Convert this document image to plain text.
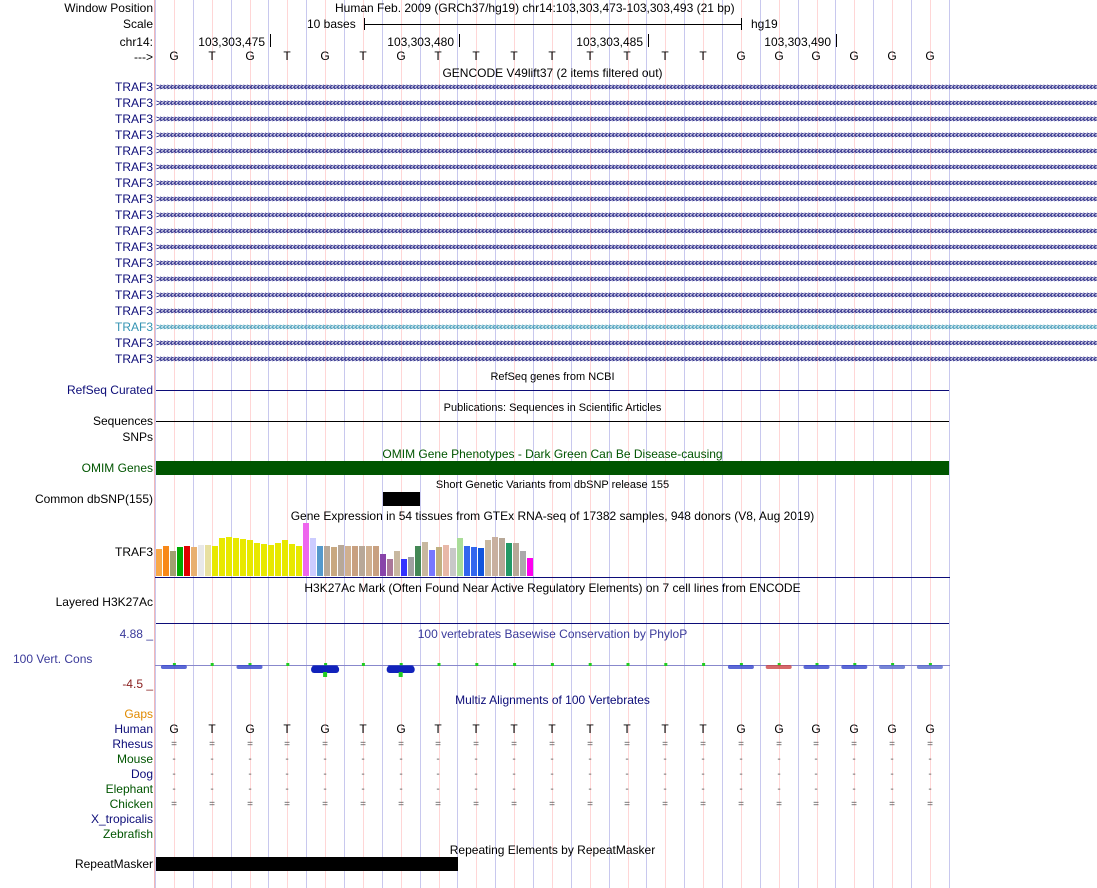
Window Position	Human Feb. 2009 (GRCh37/hg19) chr14:103,303,473-103,303,493 (21 bp)
Scale	10 bases	hg19
chr14:	103,303,475	103,303,480	103,303,485	103,303,490
--->	G	T	G	T	G	T	G	T	T	T	T	T	T	T	T	G	G	G	G	G	G
GENCODE V49lift37 (2 items filtered out)
TRAF3 >>>>>>>>>>>>>>>>>>>>>>>>>>>>>>>>>>>>>>>>>>>>>>>>>>>>>>>>>>>>>>>>>>>>>>>>>>>>>>>>>>>>>>>>>>>>>>>>>>>>>>>>>>>>>>>>>>>>>>>>>>>>>>>>>>>>>>>>>>>>>>>>>>>>>>>>>>>>>>>>>>>>>>>>>>>>>>>>>>>>>>>>>>>>>>>>>>>>>>>>>>>>>>>>>>>>>>>>>>>>>>>>>>>>>>>>>>>>>>>>>>>>>>>>>>>>>>>>>>>>
TRAF3 >>>>>>>>>>>>>>>>>>>>>>>>>>>>>>>>>>>>>>>>>>>>>>>>>>>>>>>>>>>>>>>>>>>>>>>>>>>>>>>>>>>>>>>>>>>>>>>>>>>>>>>>>>>>>>>>>>>>>>>>>>>>>>>>>>>>>>>>>>>>>>>>>>>>>>>>>>>>>>>>>>>>>>>>>>>>>>>>>>>>>>>>>>>>>>>>>>>>>>>>>>>>>>>>>>>>>>>>>>>>>>>>>>>>>>>>>>>>>>>>>>>>>>>>>>>>>>>>>>>>
TRAF3 >>>>>>>>>>>>>>>>>>>>>>>>>>>>>>>>>>>>>>>>>>>>>>>>>>>>>>>>>>>>>>>>>>>>>>>>>>>>>>>>>>>>>>>>>>>>>>>>>>>>>>>>>>>>>>>>>>>>>>>>>>>>>>>>>>>>>>>>>>>>>>>>>>>>>>>>>>>>>>>>>>>>>>>>>>>>>>>>>>>>>>>>>>>>>>>>>>>>>>>>>>>>>>>>>>>>>>>>>>>>>>>>>>>>>>>>>>>>>>>>>>>>>>>>>>>>>>>>>>>>
TRAF3 >>>>>>>>>>>>>>>>>>>>>>>>>>>>>>>>>>>>>>>>>>>>>>>>>>>>>>>>>>>>>>>>>>>>>>>>>>>>>>>>>>>>>>>>>>>>>>>>>>>>>>>>>>>>>>>>>>>>>>>>>>>>>>>>>>>>>>>>>>>>>>>>>>>>>>>>>>>>>>>>>>>>>>>>>>>>>>>>>>>>>>>>>>>>>>>>>>>>>>>>>>>>>>>>>>>>>>>>>>>>>>>>>>>>>>>>>>>>>>>>>>>>>>>>>>>>>>>>>>>>
TRAF3 >>>>>>>>>>>>>>>>>>>>>>>>>>>>>>>>>>>>>>>>>>>>>>>>>>>>>>>>>>>>>>>>>>>>>>>>>>>>>>>>>>>>>>>>>>>>>>>>>>>>>>>>>>>>>>>>>>>>>>>>>>>>>>>>>>>>>>>>>>>>>>>>>>>>>>>>>>>>>>>>>>>>>>>>>>>>>>>>>>>>>>>>>>>>>>>>>>>>>>>>>>>>>>>>>>>>>>>>>>>>>>>>>>>>>>>>>>>>>>>>>>>>>>>>>>>>>>>>>>>>
TRAF3 >>>>>>>>>>>>>>>>>>>>>>>>>>>>>>>>>>>>>>>>>>>>>>>>>>>>>>>>>>>>>>>>>>>>>>>>>>>>>>>>>>>>>>>>>>>>>>>>>>>>>>>>>>>>>>>>>>>>>>>>>>>>>>>>>>>>>>>>>>>>>>>>>>>>>>>>>>>>>>>>>>>>>>>>>>>>>>>>>>>>>>>>>>>>>>>>>>>>>>>>>>>>>>>>>>>>>>>>>>>>>>>>>>>>>>>>>>>>>>>>>>>>>>>>>>>>>>>>>>>>
TRAF3 >>>>>>>>>>>>>>>>>>>>>>>>>>>>>>>>>>>>>>>>>>>>>>>>>>>>>>>>>>>>>>>>>>>>>>>>>>>>>>>>>>>>>>>>>>>>>>>>>>>>>>>>>>>>>>>>>>>>>>>>>>>>>>>>>>>>>>>>>>>>>>>>>>>>>>>>>>>>>>>>>>>>>>>>>>>>>>>>>>>>>>>>>>>>>>>>>>>>>>>>>>>>>>>>>>>>>>>>>>>>>>>>>>>>>>>>>>>>>>>>>>>>>>>>>>>>>>>>>>>>
TRAF3 >>>>>>>>>>>>>>>>>>>>>>>>>>>>>>>>>>>>>>>>>>>>>>>>>>>>>>>>>>>>>>>>>>>>>>>>>>>>>>>>>>>>>>>>>>>>>>>>>>>>>>>>>>>>>>>>>>>>>>>>>>>>>>>>>>>>>>>>>>>>>>>>>>>>>>>>>>>>>>>>>>>>>>>>>>>>>>>>>>>>>>>>>>>>>>>>>>>>>>>>>>>>>>>>>>>>>>>>>>>>>>>>>>>>>>>>>>>>>>>>>>>>>>>>>>>>>>>>>>>>
TRAF3 >>>>>>>>>>>>>>>>>>>>>>>>>>>>>>>>>>>>>>>>>>>>>>>>>>>>>>>>>>>>>>>>>>>>>>>>>>>>>>>>>>>>>>>>>>>>>>>>>>>>>>>>>>>>>>>>>>>>>>>>>>>>>>>>>>>>>>>>>>>>>>>>>>>>>>>>>>>>>>>>>>>>>>>>>>>>>>>>>>>>>>>>>>>>>>>>>>>>>>>>>>>>>>>>>>>>>>>>>>>>>>>>>>>>>>>>>>>>>>>>>>>>>>>>>>>>>>>>>>>>
TRAF3 >>>>>>>>>>>>>>>>>>>>>>>>>>>>>>>>>>>>>>>>>>>>>>>>>>>>>>>>>>>>>>>>>>>>>>>>>>>>>>>>>>>>>>>>>>>>>>>>>>>>>>>>>>>>>>>>>>>>>>>>>>>>>>>>>>>>>>>>>>>>>>>>>>>>>>>>>>>>>>>>>>>>>>>>>>>>>>>>>>>>>>>>>>>>>>>>>>>>>>>>>>>>>>>>>>>>>>>>>>>>>>>>>>>>>>>>>>>>>>>>>>>>>>>>>>>>>>>>>>>>
TRAF3 >>>>>>>>>>>>>>>>>>>>>>>>>>>>>>>>>>>>>>>>>>>>>>>>>>>>>>>>>>>>>>>>>>>>>>>>>>>>>>>>>>>>>>>>>>>>>>>>>>>>>>>>>>>>>>>>>>>>>>>>>>>>>>>>>>>>>>>>>>>>>>>>>>>>>>>>>>>>>>>>>>>>>>>>>>>>>>>>>>>>>>>>>>>>>>>>>>>>>>>>>>>>>>>>>>>>>>>>>>>>>>>>>>>>>>>>>>>>>>>>>>>>>>>>>>>>>>>>>>>>
TRAF3 >>>>>>>>>>>>>>>>>>>>>>>>>>>>>>>>>>>>>>>>>>>>>>>>>>>>>>>>>>>>>>>>>>>>>>>>>>>>>>>>>>>>>>>>>>>>>>>>>>>>>>>>>>>>>>>>>>>>>>>>>>>>>>>>>>>>>>>>>>>>>>>>>>>>>>>>>>>>>>>>>>>>>>>>>>>>>>>>>>>>>>>>>>>>>>>>>>>>>>>>>>>>>>>>>>>>>>>>>>>>>>>>>>>>>>>>>>>>>>>>>>>>>>>>>>>>>>>>>>>>
TRAF3 >>>>>>>>>>>>>>>>>>>>>>>>>>>>>>>>>>>>>>>>>>>>>>>>>>>>>>>>>>>>>>>>>>>>>>>>>>>>>>>>>>>>>>>>>>>>>>>>>>>>>>>>>>>>>>>>>>>>>>>>>>>>>>>>>>>>>>>>>>>>>>>>>>>>>>>>>>>>>>>>>>>>>>>>>>>>>>>>>>>>>>>>>>>>>>>>>>>>>>>>>>>>>>>>>>>>>>>>>>>>>>>>>>>>>>>>>>>>>>>>>>>>>>>>>>>>>>>>>>>>
TRAF3 >>>>>>>>>>>>>>>>>>>>>>>>>>>>>>>>>>>>>>>>>>>>>>>>>>>>>>>>>>>>>>>>>>>>>>>>>>>>>>>>>>>>>>>>>>>>>>>>>>>>>>>>>>>>>>>>>>>>>>>>>>>>>>>>>>>>>>>>>>>>>>>>>>>>>>>>>>>>>>>>>>>>>>>>>>>>>>>>>>>>>>>>>>>>>>>>>>>>>>>>>>>>>>>>>>>>>>>>>>>>>>>>>>>>>>>>>>>>>>>>>>>>>>>>>>>>>>>>>>>>
TRAF3 >>>>>>>>>>>>>>>>>>>>>>>>>>>>>>>>>>>>>>>>>>>>>>>>>>>>>>>>>>>>>>>>>>>>>>>>>>>>>>>>>>>>>>>>>>>>>>>>>>>>>>>>>>>>>>>>>>>>>>>>>>>>>>>>>>>>>>>>>>>>>>>>>>>>>>>>>>>>>>>>>>>>>>>>>>>>>>>>>>>>>>>>>>>>>>>>>>>>>>>>>>>>>>>>>>>>>>>>>>>>>>>>>>>>>>>>>>>>>>>>>>>>>>>>>>>>>>>>>>>>
TRAF3 >>>>>>>>>>>>>>>>>>>>>>>>>>>>>>>>>>>>>>>>>>>>>>>>>>>>>>>>>>>>>>>>>>>>>>>>>>>>>>>>>>>>>>>>>>>>>>>>>>>>>>>>>>>>>>>>>>>>>>>>>>>>>>>>>>>>>>>>>>>>>>>>>>>>>>>>>>>>>>>>>>>>>>>>>>>>>>>>>>>>>>>>>>>>>>>>>>>>>>>>>>>>>>>>>>>>>>>>>>>>>>>>>>>>>>>>>>>>>>>>>>>>>>>>>>>>>>>>>>>>
TRAF3 >>>>>>>>>>>>>>>>>>>>>>>>>>>>>>>>>>>>>>>>>>>>>>>>>>>>>>>>>>>>>>>>>>>>>>>>>>>>>>>>>>>>>>>>>>>>>>>>>>>>>>>>>>>>>>>>>>>>>>>>>>>>>>>>>>>>>>>>>>>>>>>>>>>>>>>>>>>>>>>>>>>>>>>>>>>>>>>>>>>>>>>>>>>>>>>>>>>>>>>>>>>>>>>>>>>>>>>>>>>>>>>>>>>>>>>>>>>>>>>>>>>>>>>>>>>>>>>>>>>>
TRAF3 >>>>>>>>>>>>>>>>>>>>>>>>>>>>>>>>>>>>>>>>>>>>>>>>>>>>>>>>>>>>>>>>>>>>>>>>>>>>>>>>>>>>>>>>>>>>>>>>>>>>>>>>>>>>>>>>>>>>>>>>>>>>>>>>>>>>>>>>>>>>>>>>>>>>>>>>>>>>>>>>>>>>>>>>>>>>>>>>>>>>>>>>>>>>>>>>>>>>>>>>>>>>>>>>>>>>>>>>>>>>>>>>>>>>>>>>>>>>>>>>>>>>>>>>>>>>>>>>>>>>
RefSeq genes from NCBI
RefSeq Curated
Publications: Sequences in Scientific Articles
Sequences
SNPs
OMIM Gene Phenotypes - Dark Green Can Be Disease-causing
OMIM Genes
Short Genetic Variants from dbSNP release 155
Common dbSNP(155)
Gene Expression in 54 tissues from GTEx RNA-seq of 17382 samples, 948 donors (V8, Aug 2019)
TRAF3
H3K27Ac Mark (Often Found Near Active Regulatory Elements) on 7 cell lines from ENCODE
Layered H3K27Ac
100 vertebrates Basewise Conservation by PhyloP
4.88 _
100 Vert. Cons
-4.5 _
Multiz Alignments of 100 Vertebrates
Gaps
Human	G	T	G	T	G	T	G	T	T	T	T	T	T	T	T	G	G	G	G	G	G
Rhesus	=	=	=	=	=	=	=	=	=	=	=	=	=	=	=	=	=	=	=	=	=
Mouse	-	-	-	-	-	-	-	-	-	-	-	-	-	-	-	-	-	-	-	-	-
Dog	-	-	-	-	-	-	-	-	-	-	-	-	-	-	-	-	-	-	-	-	-
Elephant	-	-	-	-	-	-	-	-	-	-	-	-	-	-	-	-	-	-	-	-	-
Chicken	=	=	=	=	=	=	=	=	=	=	=	=	=	=	=	=	=	=	=	=	=
X_tropicalis
Zebrafish
Repeating Elements by RepeatMasker
RepeatMasker
